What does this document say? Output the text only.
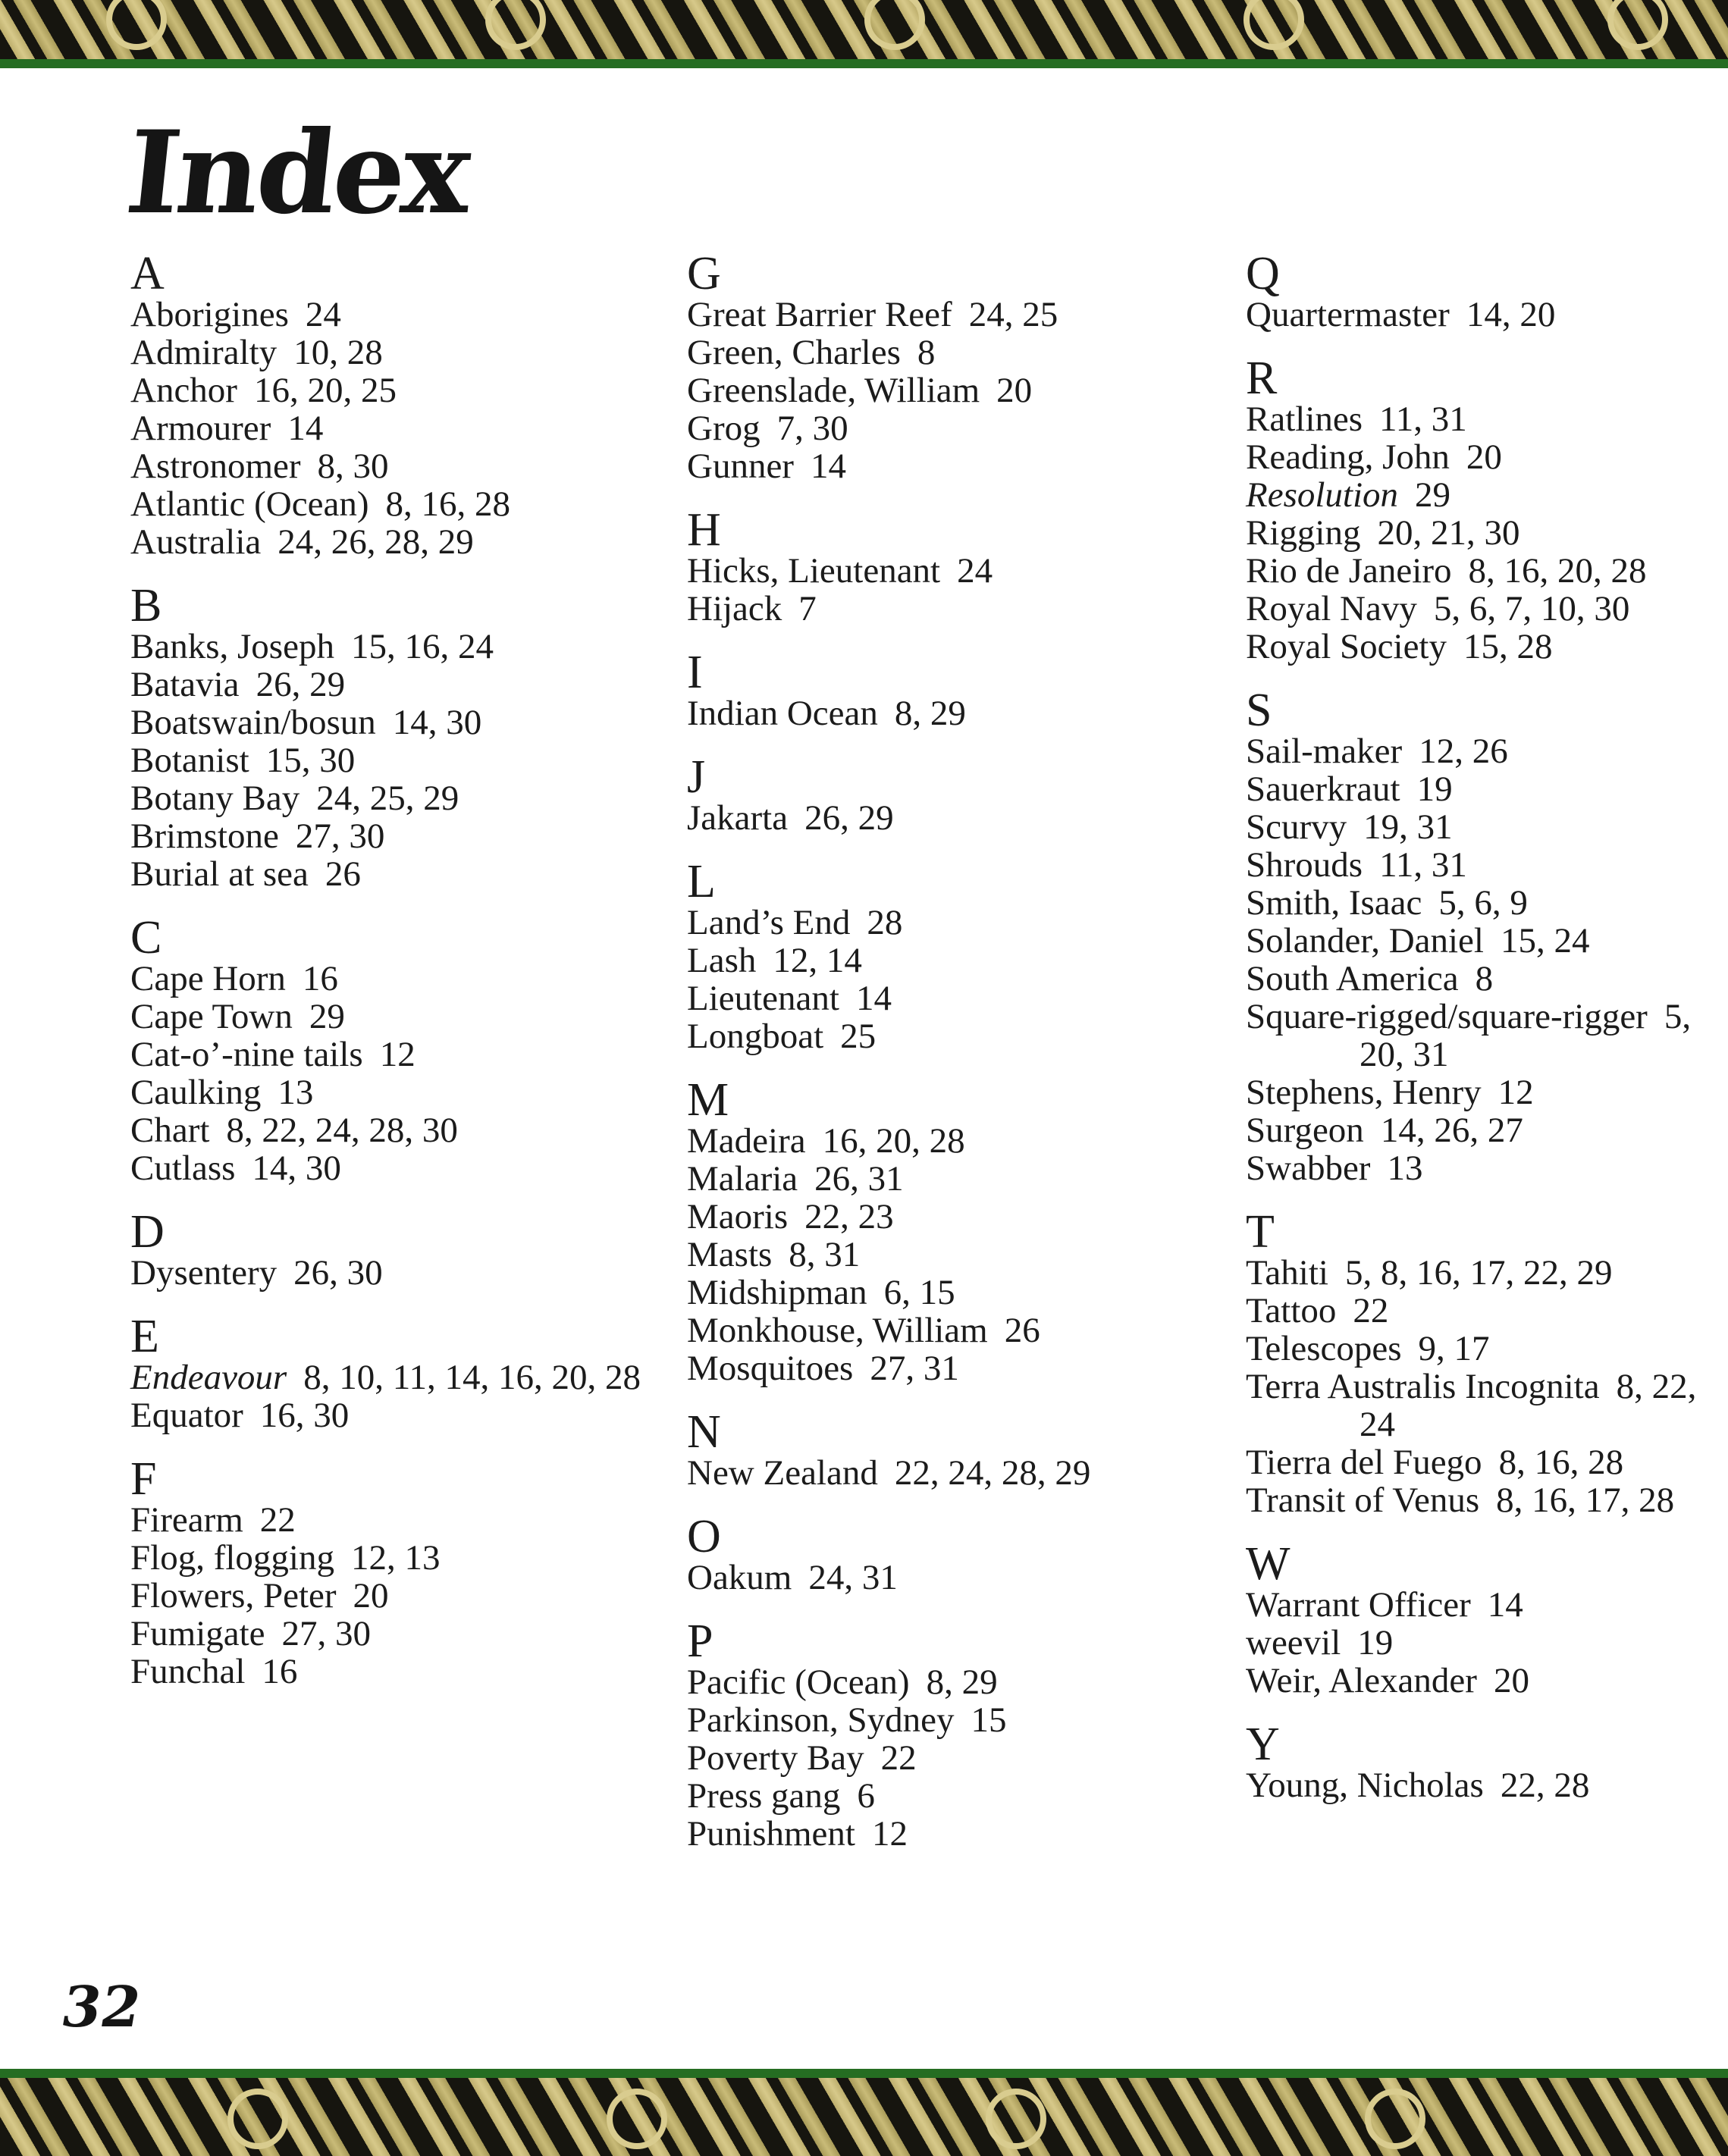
Index
A
Aborigines 24
Admiralty 10, 28
Anchor 16, 20, 25
Armourer 14
Astronomer 8, 30
Atlantic (Ocean) 8, 16, 28
Australia 24, 26, 28, 29
B
Banks, Joseph 15, 16, 24
Batavia 26, 29
Boatswain/bosun 14, 30
Botanist 15, 30
Botany Bay 24, 25, 29
Brimstone 27, 30
Burial at sea 26
C
Cape Horn 16
Cape Town 29
Cat-o’-nine tails 12
Caulking 13
Chart 8, 22, 24, 28, 30
Cutlass 14, 30
D
Dysentery 26, 30
E
Endeavour 8, 10, 11, 14, 16, 20, 28
Equator 16, 30
F
Firearm 22
Flog, flogging 12, 13
Flowers, Peter 20
Fumigate 27, 30
Funchal 16
G
Great Barrier Reef 24, 25
Green, Charles 8
Greenslade, William 20
Grog 7, 30
Gunner 14
H
Hicks, Lieutenant 24
Hijack 7
I
Indian Ocean 8, 29
J
Jakarta 26, 29
L
Land’s End 28
Lash 12, 14
Lieutenant 14
Longboat 25
M
Madeira 16, 20, 28
Malaria 26, 31
Maoris 22, 23
Masts 8, 31
Midshipman 6, 15
Monkhouse, William 26
Mosquitoes 27, 31
N
New Zealand 22, 24, 28, 29
O
Oakum 24, 31
P
Pacific (Ocean) 8, 29
Parkinson, Sydney 15
Poverty Bay 22
Press gang 6
Punishment 12
Q
Quartermaster 14, 20
R
Ratlines 11, 31
Reading, John 20
Resolution 29
Rigging 20, 21, 30
Rio de Janeiro 8, 16, 20, 28
Royal Navy 5, 6, 7, 10, 30
Royal Society 15, 28
S
Sail-maker 12, 26
Sauerkraut 19
Scurvy 19, 31
Shrouds 11, 31
Smith, Isaac 5, 6, 9
Solander, Daniel 15, 24
South America 8
Square-rigged/square-rigger 5, 20, 31
Stephens, Henry 12
Surgeon 14, 26, 27
Swabber 13
T
Tahiti 5, 8, 16, 17, 22, 29
Tattoo 22
Telescopes 9, 17
Terra Australis Incognita 8, 22, 24
Tierra del Fuego 8, 16, 28
Transit of Venus 8, 16, 17, 28
W
Warrant Officer 14
weevil 19
Weir, Alexander 20
Y
Young, Nicholas 22, 28
32
